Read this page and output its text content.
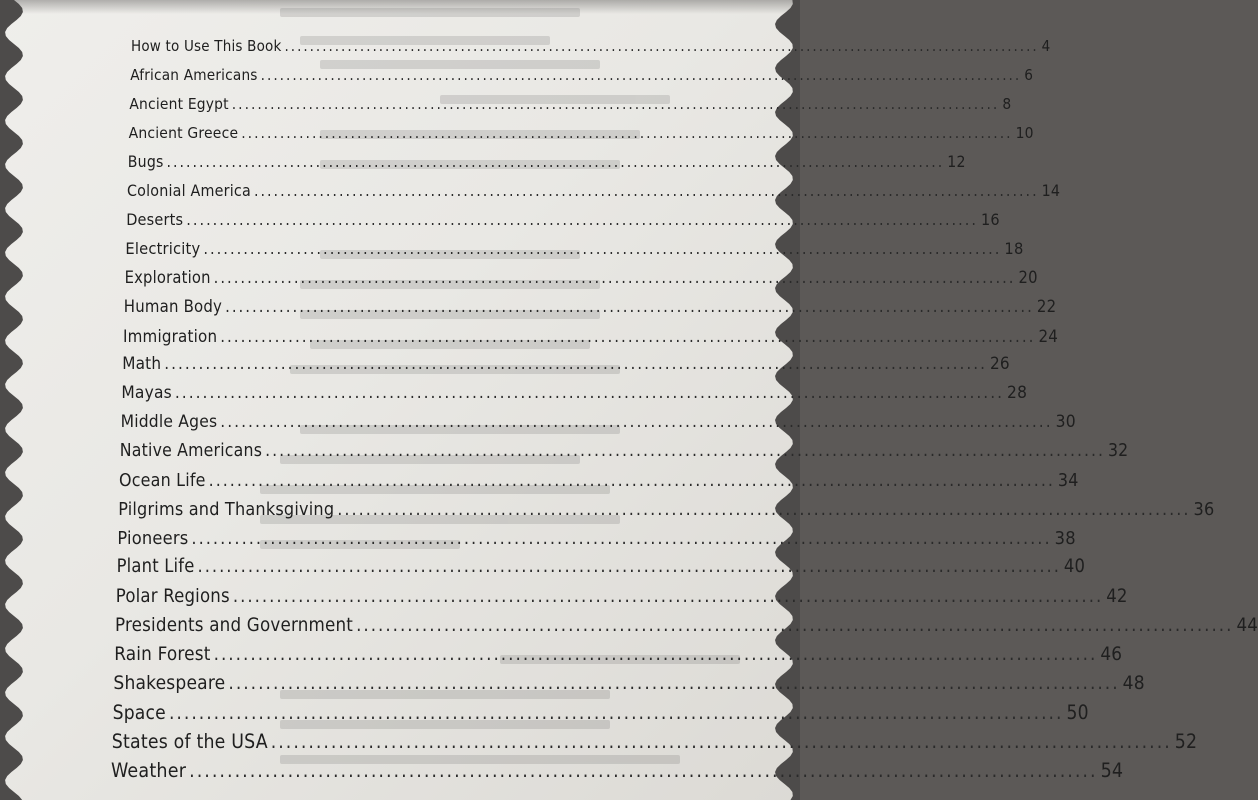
How to Use This Book ........................................................................................................................ 4
African Americans ........................................................................................................................ 6
Ancient Egypt ........................................................................................................................ 8
Ancient Greece ........................................................................................................................ 10
Bugs ........................................................................................................................ 12
Colonial America ........................................................................................................................ 14
Deserts ........................................................................................................................ 16
Electricity ........................................................................................................................ 18
Exploration ........................................................................................................................ 20
Human Body ........................................................................................................................ 22
Immigration ........................................................................................................................ 24
Math ........................................................................................................................ 26
Mayas ........................................................................................................................ 28
Middle Ages ........................................................................................................................ 30
Native Americans ........................................................................................................................ 32
Ocean Life ........................................................................................................................ 34
Pilgrims and Thanksgiving ........................................................................................................................ 36
Pioneers ........................................................................................................................ 38
Plant Life ........................................................................................................................ 40
Polar Regions ........................................................................................................................ 42
Presidents and Government ........................................................................................................................ 44
Rain Forest ........................................................................................................................ 46
Shakespeare ........................................................................................................................ 48
Space ........................................................................................................................ 50
States of the USA ........................................................................................................................ 52
Weather ........................................................................................................................ 54
